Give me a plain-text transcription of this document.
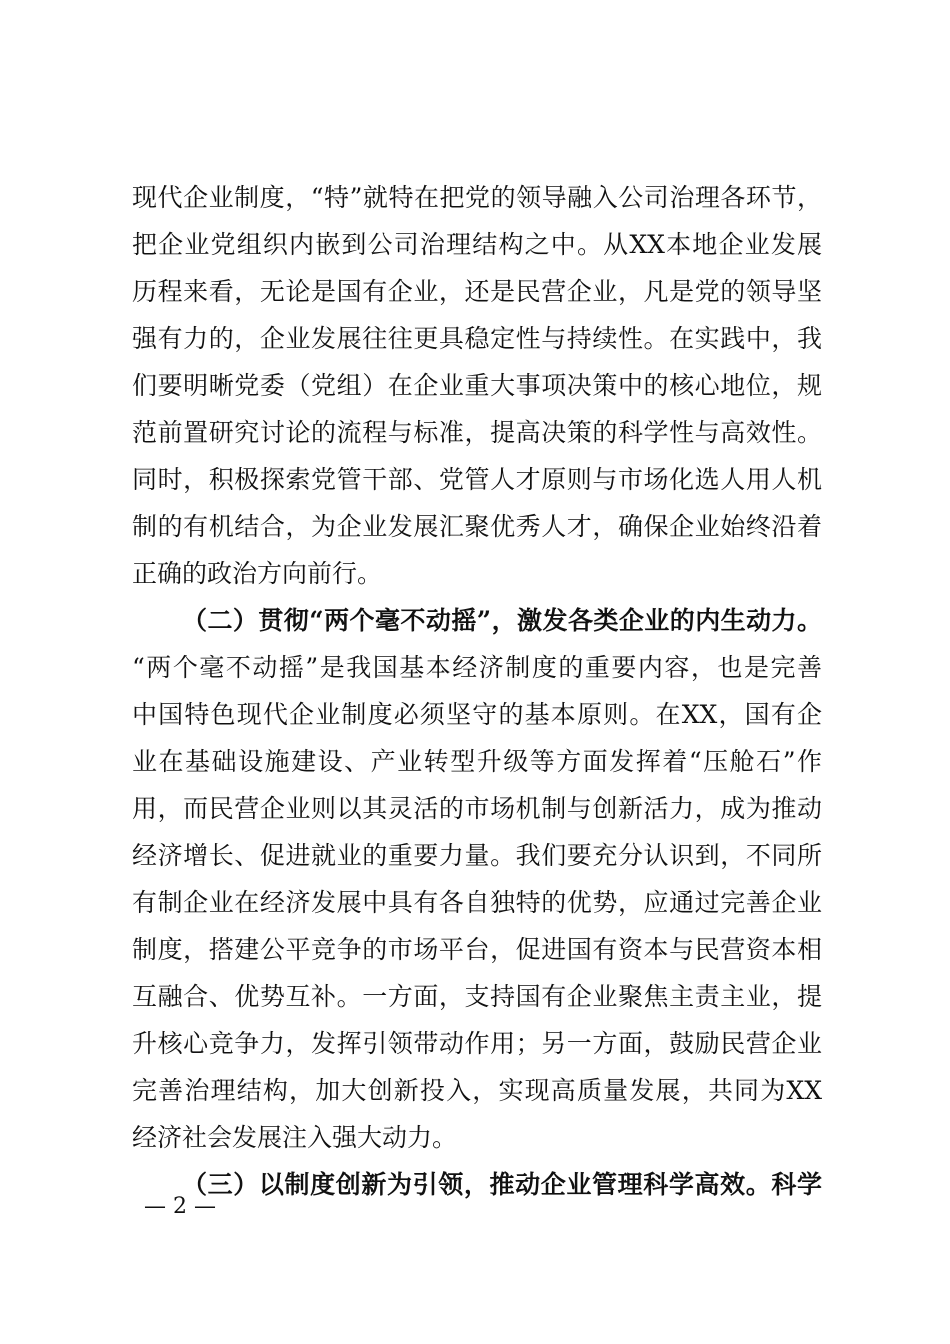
现代企业制度，“特”就特在把党的领导融入公司治理各环节，
把企业党组织内嵌到公司治理结构之中。从XX本地企业发展
历程来看，无论是国有企业，还是民营企业，凡是党的领导坚
强有力的，企业发展往往更具稳定性与持续性。在实践中，我
们要明晰党委（党组）在企业重大事项决策中的核心地位，规
范前置研究讨论的流程与标准，提高决策的科学性与高效性。
同时，积极探索党管干部、党管人才原则与市场化选人用人机
制的有机结合，为企业发展汇聚优秀人才，确保企业始终沿着
正确的政治方向前行。
（二）贯彻“两个毫不动摇”，激发各类企业的内生动力。
“两个毫不动摇”是我国基本经济制度的重要内容，也是完善
中国特色现代企业制度必须坚守的基本原则。在XX，国有企
业在基础设施建设、产业转型升级等方面发挥着“压舱石”作
用，而民营企业则以其灵活的市场机制与创新活力，成为推动
经济增长、促进就业的重要力量。我们要充分认识到，不同所
有制企业在经济发展中具有各自独特的优势，应通过完善企业
制度，搭建公平竞争的市场平台，促进国有资本与民营资本相
互融合、优势互补。一方面，支持国有企业聚焦主责主业，提
升核心竞争力，发挥引领带动作用；另一方面，鼓励民营企业
完善治理结构，加大创新投入，实现高质量发展，共同为XX
经济社会发展注入强大动力。
（三）以制度创新为引领，推动企业管理科学高效。科学
— 2 —
